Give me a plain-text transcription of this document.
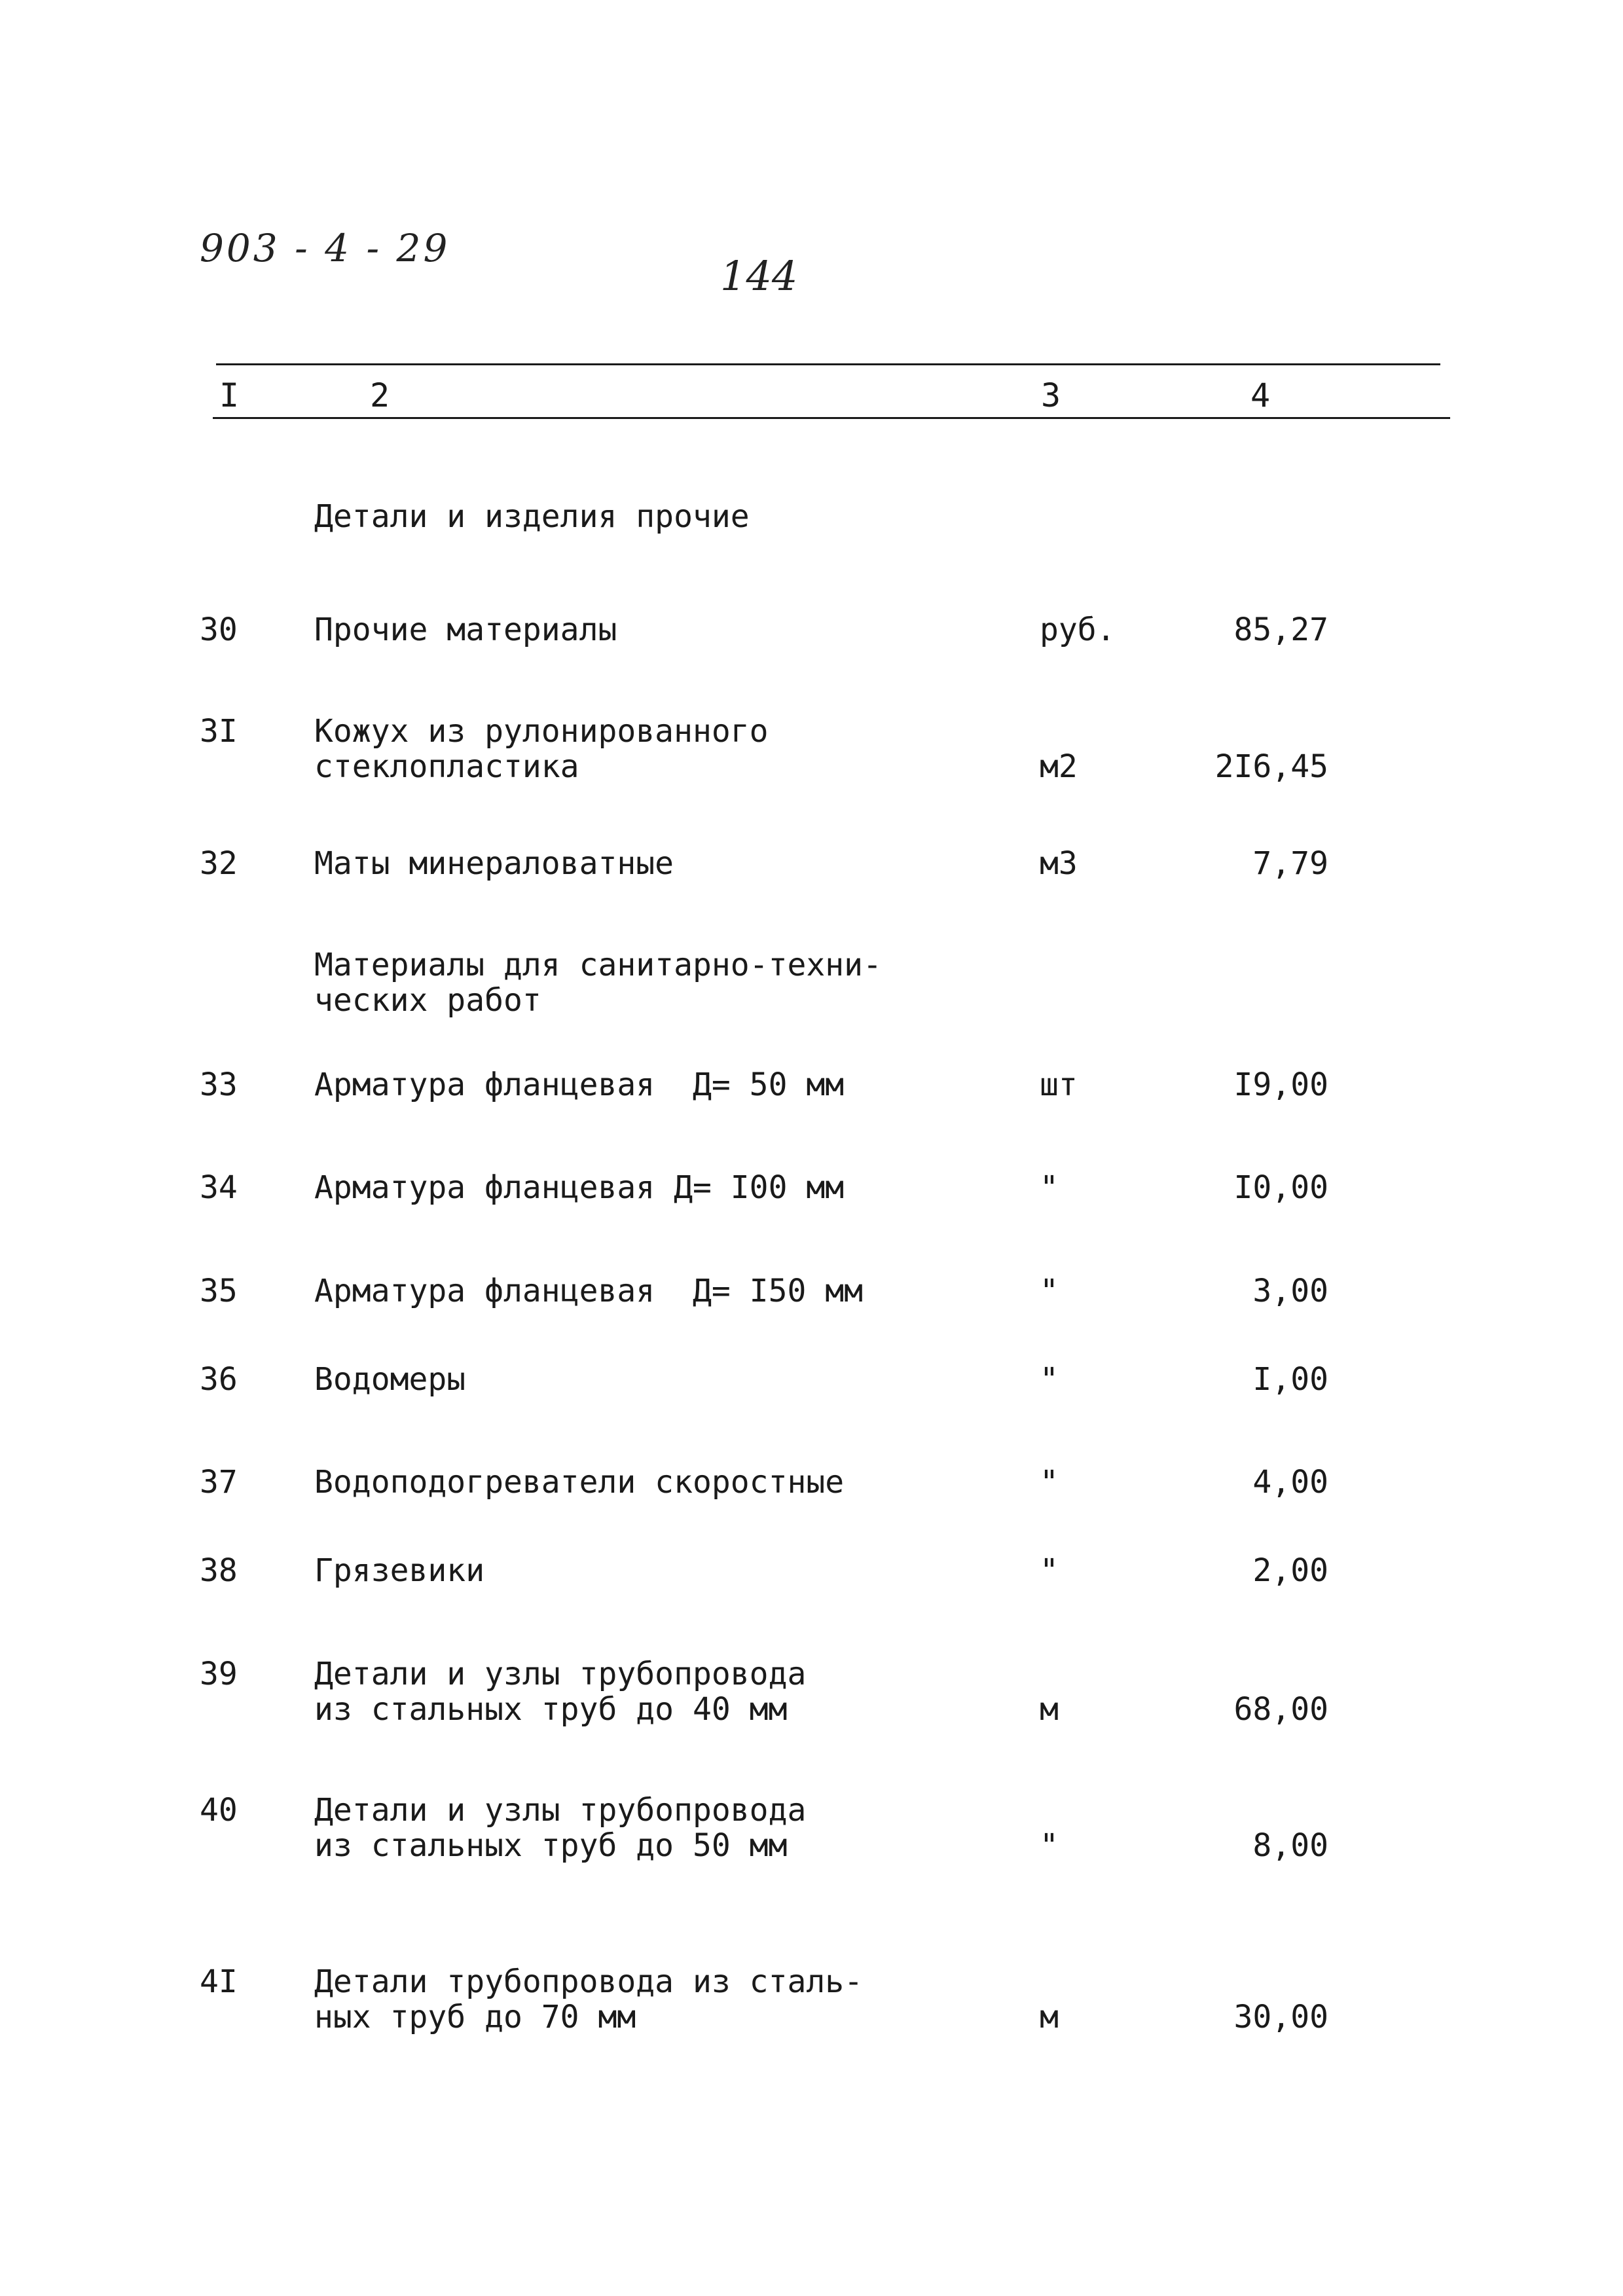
903 - 4 - 29
144
I	2	3	4
Детали и изделия прочие
Материалы для санитарно-техни-
ческих работ
30 Прочие материалы	руб.	85,27
3I Кожух из рулонированного
стеклопластика	м2	2I6,45
32 Маты минераловатные	м3	7,79
33 Арматура фланцевая  Д= 50 мм	шт	I9,00
34 Арматура фланцевая Д= I00 мм	"	I0,00
35 Арматура фланцевая  Д= I50 мм	"	3,00
36 Водомеры	"	I,00
37 Водоподогреватели скоростные	"	4,00
38 Грязевики	"	2,00
39 Детали и узлы трубопровода
из стальных труб до 40 мм	м	68,00
40 Детали и узлы трубопровода
из стальных труб до 50 мм	"	8,00
4I Детали трубопровода из сталь-
ных труб до 70 мм	м	30,00
